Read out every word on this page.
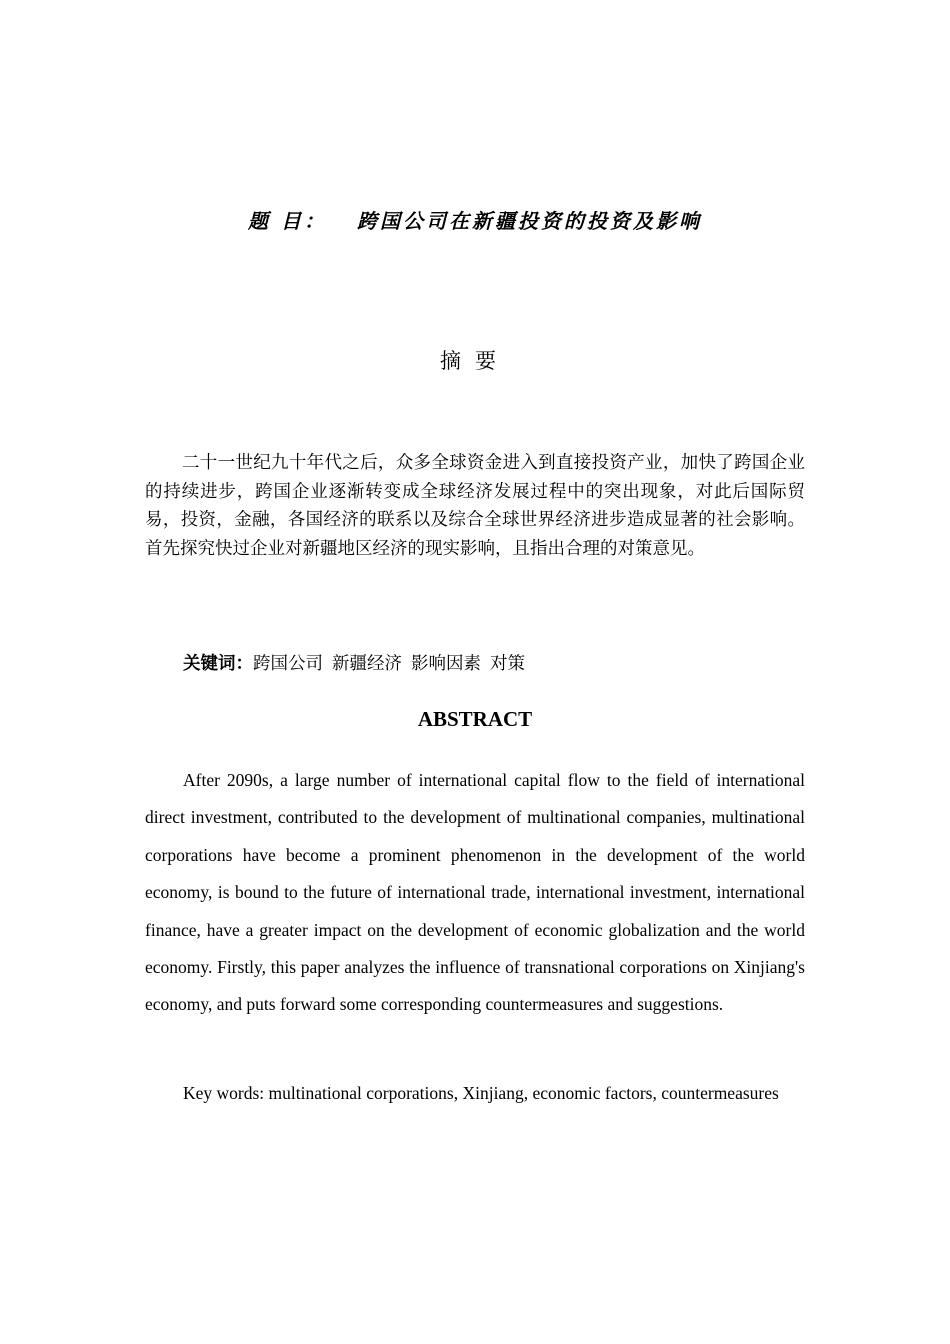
题 目： 跨国公司在新疆投资的投资及影响
摘要

二十一世纪九十年代之后，众多全球资金进入到直接投资产业，加快了跨国企业的持续进步，跨国企业逐渐转变成全球经济发展过程中的突出现象，对此后国际贸易，投资，金融，各国经济的联系以及综合全球世界经济进步造成显著的社会影响。首先探究快过企业对新疆地区经济的现实影响，且指出合理的对策意见。

关键词：跨国公司 新疆经济 影响因素 对策
ABSTRACT

After 2090s, a large number of international capital flow to the field of international direct investment, contributed to the development of multinational companies, multinational corporations have become a prominent phenomenon in the development of the world economy, is bound to the future of international trade, international investment, international finance, have a greater impact on the development of economic globalization and the world economy. Firstly, this paper analyzes the influence of transnational corporations on Xinjiang's economy, and puts forward some corresponding countermeasures and suggestions.

Key words: multinational corporations, Xinjiang, economic factors, countermeasures
